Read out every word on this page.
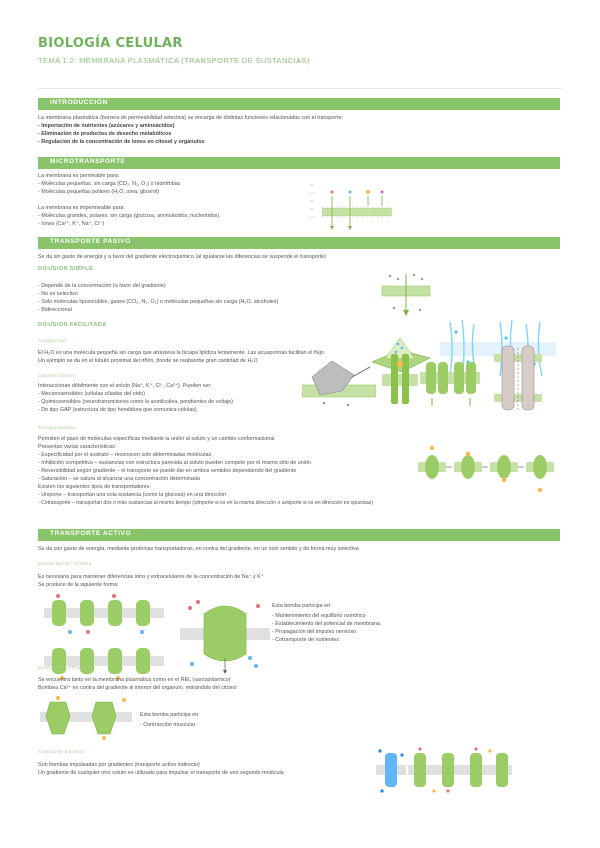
BIOLOGÍA CELULAR
TEMA 1.2: MEMBRANA PLASMÁTICA (TRANSPORTE DE SUSTANCIAS)
INTRODUCCIÓN
La membrana plasmática (barrera de permeabilidad selectiva) se encarga de distintas funciones relacionadas con el transporte:
- Importación de nutrientes (azúcares y aminoácidos)
- Eliminación de productos de desecho metabólicos
- Regulación de la concentración de iones en citosol y orgánulos
MICROTRANSPORTE
La membrana es permeable para:
- Moléculas pequeñas, sin carga (CO₂, N₂, O₂) o hidrófobas
- Moléculas pequeñas polares (H₂O, urea, glicerol)
La membrana es impermeable para:
- Moléculas grandes, polares, sin carga (glucosa, aminoácidos, nucleótidos)
- Iones (Ca²⁺, K⁺, Na⁺, Cl⁻)
••
• •
••
••
• •
TRANSPORTE PASIVO
Se da sin gasto de energía y a favor del gradiente electroquímico (al igualarse las diferencias se suspende el transporte)
DIFUSIÓN SIMPLE
- Depende de la concentración (a favor del gradiente)
- No es selectivo
- Solo moléculas liposolubles, gases (CO₂, N₂, O₂) o moléculas pequeñas sin carga (H₂O, alcoholes)
- Bidireccional
DIFUSIÓN FACILITADA
Acuaporinas
El H₂O es una molécula pequeña sin carga que atraviesa la bicapa lipídica lentamente. Las acuaporinas facilitan el flujo
Un ejemplo se da en el túbulo proximal del riñón, donde se reabsorbe gran cantidad de H₂O
Canales iónicos
Interaccionan débilmente con el soluto (Na⁺, K⁺, Cl⁻, Ca²⁺). Pueden ser:
- Mecanosensibles (células ciliadas del oído)
- Quimiosensibles (neurotransmisores como la acetilcolina, pendientes de voltaje)
- De tipo GAP (estructura de tipo hendidura que comunica células)
Transportadores
Permiten el paso de moléculas específicas mediante la unión al soluto y un cambio conformacional
Presentan varias características:
- Especificidad por el sustrato – reconocen solo determinadas moléculas
- Inhibición competitiva – sustancias con estructura parecida al soluto pueden competir por el mismo sitio de unión
- Reversibilidad según gradiente – el transporte se puede dar en ambos sentidos dependiendo del gradiente
- Saturación – se satura al alcanzar una concentración determinada
Existen los siguientes tipos de transportadores:
- Uniporte – transportan una sola sustancia (como la glucosa) en una dirección
- Cotransporte – transportan dos o más sustancias al mismo tiempo (simporte si es en la misma dirección o antiporte si es en dirección es opuestas)
TRANSPORTE ACTIVO
Se da con gasto de energía, mediante proteínas transportadoras, en contra del gradiente, en un solo sentido y de forma muy selectiva
Bomba Na⁺/K⁺ ATPasa
Es necesaria para mantener diferencias intra y extracelulares de la concentración de Na⁺ y K⁺
Se produce de la siguiente forma:
Esta bomba participa en:
- Mantenimiento del equilibrio osmótico
- Establecimiento del potencial de membrana
- Propagación del impulso nervioso
- Cotransporte de nutrientes
Bomba Ca²⁺ ATPasa
Se encuentra tanto en la membrana plasmática como en el REL (sarcoplásmico)
Bombea Ca²⁺ en contra del gradiente al interior del orgánulo, retirándolo del citosol
Esta bomba participa en:
- Contracción muscular
Transporte indirecto
Son bombas impulsadas por gradientes (transporte activo indirecto)
Un gradiente de cualquier otro soluto es utilizado para impulsar el transporte de uno segundo molécula
